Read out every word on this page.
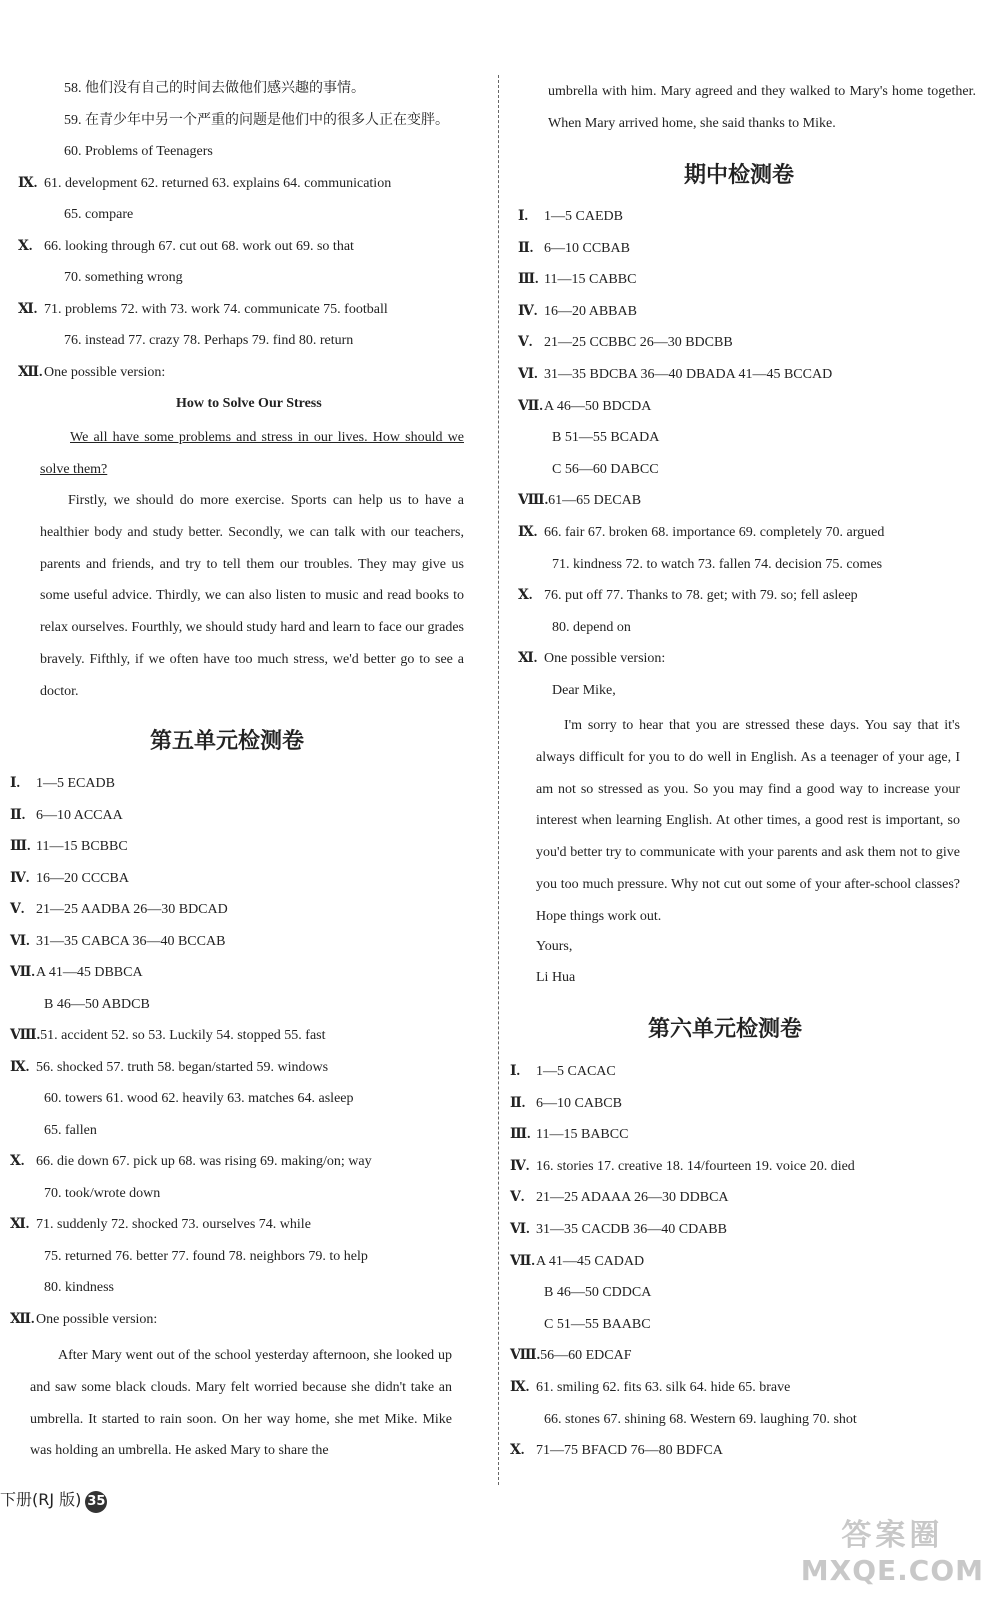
58. 他们没有自己的时间去做他们感兴趣的事情。
59. 在青少年中另一个严重的问题是他们中的很多人正在变胖。
60. Problems of Teenagers
Ⅸ. 61. development 62. returned 63. explains 64. communication
65. compare
Ⅹ. 66. looking through 67. cut out 68. work out 69. so that
70. something wrong
Ⅺ. 71. problems 72. with 73. work 74. communicate 75. football
76. instead 77. crazy 78. Perhaps 79. find 80. return
Ⅻ.One possible version:
How to Solve Our Stress
We all have some problems and stress in our lives. How should we solve them?
Firstly, we should do more exercise. Sports can help us to have a healthier body and study better. Secondly, we can talk with our teachers, parents and friends, and try to tell them our troubles. They may give us some useful advice. Thirdly, we can also listen to music and read books to relax ourselves. Fourthly, we should study hard and learn to face our grades bravely. Fifthly, if we often have too much stress, we'd better go to see a doctor.
第五单元检测卷
Ⅰ. 1—5 ECADB
Ⅱ. 6—10 ACCAA
Ⅲ. 11—15 BCBBC
Ⅳ. 16—20 CCCBA
Ⅴ. 21—25 AADBA 26—30 BDCAD
Ⅵ. 31—35 CABCA 36—40 BCCAB
Ⅶ.A 41—45 DBBCA
B 46—50 ABDCB
Ⅷ.51. accident 52. so 53. Luckily 54. stopped 55. fast
Ⅸ. 56. shocked 57. truth 58. began/started 59. windows
60. towers 61. wood 62. heavily 63. matches 64. asleep
65. fallen
Ⅹ. 66. die down 67. pick up 68. was rising 69. making/on; way
70. took/wrote down
Ⅺ. 71. suddenly 72. shocked 73. ourselves 74. while
75. returned 76. better 77. found 78. neighbors 79. to help
80. kindness
Ⅻ.One possible version:
After Mary went out of the school yesterday afternoon, she looked up and saw some black clouds. Mary felt worried because she didn't take an umbrella. It started to rain soon. On her way home, she met Mike. Mike was holding an umbrella. He asked Mary to share the
umbrella with him. Mary agreed and they walked to Mary's home together. When Mary arrived home, she said thanks to Mike.
期中检测卷
Ⅰ. 1—5 CAEDB
Ⅱ. 6—10 CCBAB
Ⅲ. 11—15 CABBC
Ⅳ. 16—20 ABBAB
Ⅴ. 21—25 CCBBC 26—30 BDCBB
Ⅵ. 31—35 BDCBA 36—40 DBADA 41—45 BCCAD
Ⅶ.A 46—50 BDCDA
B 51—55 BCADA
C 56—60 DABCC
Ⅷ.61—65 DECAB
Ⅸ. 66. fair 67. broken 68. importance 69. completely 70. argued
71. kindness 72. to watch 73. fallen 74. decision 75. comes
Ⅹ. 76. put off 77. Thanks to 78. get; with 79. so; fell asleep
80. depend on
Ⅺ. One possible version:
Dear Mike,
I'm sorry to hear that you are stressed these days. You say that it's always difficult for you to do well in English. As a teenager of your age, I am not so stressed as you. So you may find a good way to increase your interest when learning English. At other times, a good rest is important, so you'd better try to communicate with your parents and ask them not to give you too much pressure. Why not cut out some of your after-school classes? Hope things work out.
Yours,
Li Hua
第六单元检测卷
Ⅰ. 1—5 CACAC
Ⅱ. 6—10 CABCB
Ⅲ. 11—15 BABCC
Ⅳ. 16. stories 17. creative 18. 14/fourteen 19. voice 20. died
Ⅴ. 21—25 ADAAA 26—30 DDBCA
Ⅵ. 31—35 CACDB 36—40 CDABB
Ⅶ.A 41—45 CADAD
B 46—50 CDDCA
C 51—55 BAABC
Ⅷ.56—60 EDCAF
Ⅸ. 61. smiling 62. fits 63. silk 64. hide 65. brave
66. stones 67. shining 68. Western 69. laughing 70. shot
Ⅹ. 71—75 BFACD 76—80 BDFCA
下册(RJ 版) 35
答案圈
MXQE.COM
